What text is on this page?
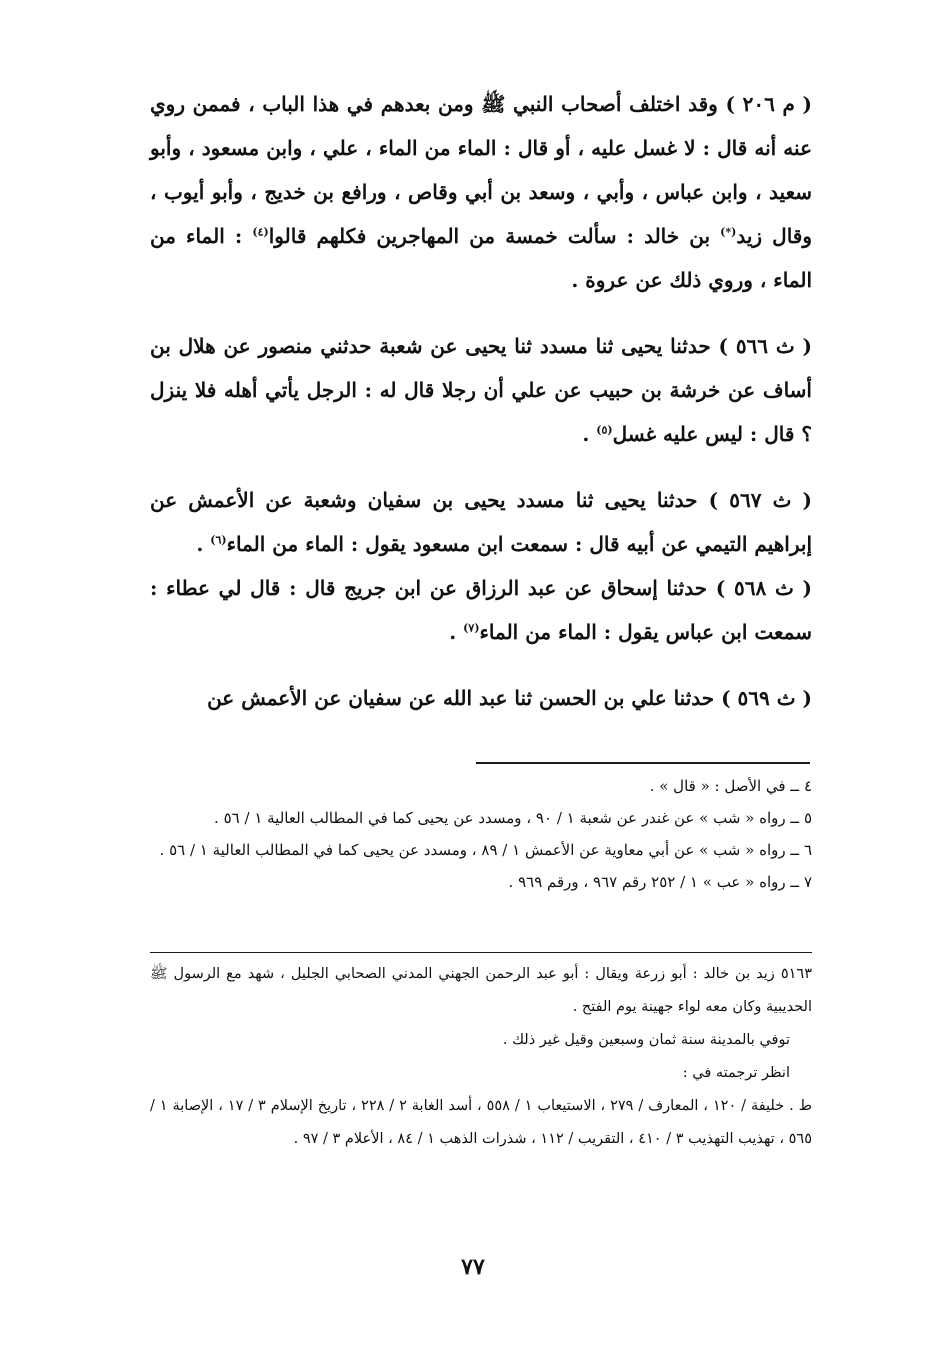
( م ٢٠٦ ) وقد اختلف أصحاب النبي ﷺ ومن بعدهم في هذا الباب ، فممن روي عنه أنه قال : لا غسل عليه ، أو قال : الماء من الماء ، علي ، وابن مسعود ، وأبو سعيد ، وابن عباس ، وأبي ، وسعد بن أبي وقاص ، ورافع بن خديج ، وأبو أيوب ، وقال زيد(*) بن خالد : سألت خمسة من المهاجرين فكلهم قالوا$^{(٤)}$ : الماء من الماء ، وروي ذلك عن عروة .

( ث ٥٦٦ ) حدثنا يحيى ثنا مسدد ثنا يحيى عن شعبة حدثني منصور عن هلال بن أساف عن خرشة بن حبيب عن علي أن رجلا قال له : الرجل يأتي أهله فلا ينزل ؟ قال : ليس عليه غسل$^{(٥)}$ .

( ث ٥٦٧ ) حدثنا يحيى ثنا مسدد يحيى بن سفيان وشعبة عن الأعمش عن إبراهيم التيمي عن أبيه قال : سمعت ابن مسعود يقول : الماء من الماء$^{(٦)}$ .

( ث ٥٦٨ ) حدثنا إسحاق عن عبد الرزاق عن ابن جريج قال : قال لي عطاء : سمعت ابن عباس يقول : الماء من الماء$^{(٧)}$ .

( ث ٥٦٩ ) حدثنا علي بن الحسن ثنا عبد الله عن سفيان عن الأعمش عن

٤ ــ في الأصل : « قال » .

٥ ــ رواه « شب » عن غندر عن شعبة ١ / ٩٠ ، ومسدد عن يحيى كما في المطالب العالية ١ / ٥٦ .

٦ ــ رواه « شب » عن أبي معاوية عن الأعمش ١ / ٨٩ ، ومسدد عن يحيى كما في المطالب العالية ١ / ٥٦ .

٧ ــ رواه « عب » ١ / ٢٥٢ رقم ٩٦٧ ، ورقم ٩٦٩ .

٥١٦٣ زيد بن خالد : أبو زرعة ويقال : أبو عبد الرحمن الجهني المدني الصحابي الجليل ، شهد مع الرسول ﷺ الحديبية وكان معه لواء جهينة يوم الفتح .

توفي بالمدينة سنة ثمان وسبعين وقيل غير ذلك .

انظر ترجمته في :

ط . خليفة / ١٢٠ ، المعارف / ٢٧٩ ، الاستيعاب ١ / ٥٥٨ ، أسد الغابة ٢ / ٢٢٨ ، تاريخ الإسلام ٣ / ١٧ ، الإصابة ١ / ٥٦٥ ، تهذيب التهذيب ٣ / ٤١٠ ، التقريب / ١١٢ ، شذرات الذهب ١ / ٨٤ ، الأعلام ٣ / ٩٧ .

٧٧
